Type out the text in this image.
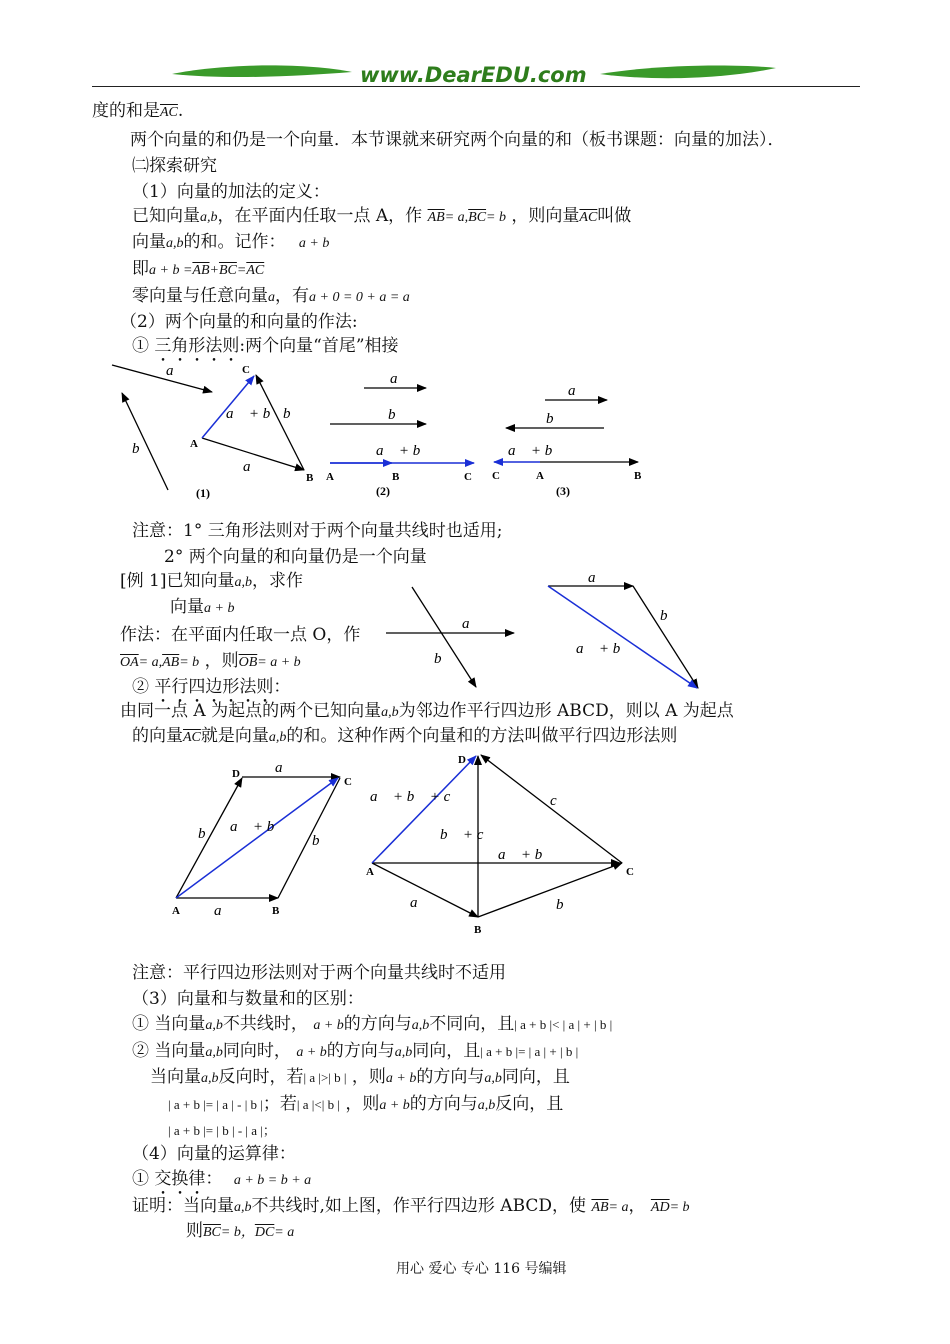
www.DearEDU.com
度的和是$\overline{AC}$.
两个向量的和仍是一个向量．本节课就来研究两个向量的和（板书课题：向量的加法）．
㈡探索研究
（1）向量的加法的定义：
已知向量a,b，在平面内任取一点 A，作 $\overline{AB}= a,\overline{BC}= b$ ，则向量$\overline{AC}$叫做
向量a,b的和。记作： a + b
即$a + b =\overline{AB}+\overline{BC}=\overline{AC}$
零向量与任意向量a，有a + 0 = 0 + a = a
（2）两个向量的和向量的作法:
① 三角形法则:两个向量“首尾”相接
a⃗
b⃗	A
B
C
a⃗ + b⃗ b⃗
a⃗
(1)
a⃗
b⃗
a⃗ + b⃗
A	B	C
(2)
a⃗
b⃗
a⃗ + b⃗
C	A	B
(3)
注意：1° 三角形法则对于两个向量共线时也适用;
2° 两个向量的和向量仍是一个向量
[例 1]已知向量a,b，求作
向量a + b
作法：在平面内任取一点 O，作
$\overline{OA}= a,\overline{AB}= b$ ，则$\overline{OB}= a + b$
a⃗
b⃗
a⃗
b⃗
a⃗ + b⃗
② 平行四边形法则：
由同一点 A 为起点的两个已知向量a,b为邻边作平行四边形 ABCD，则以 A 为起点
的向量$\overline{AC}$就是向量a,b的和。这种作两个向量和的方法叫做平行四边形法则
D
C
A	B
a⃗
a⃗
b⃗	b⃗
a⃗ + b⃗
D
A
B
C
a⃗ + b⃗ + c⃗
b⃗ + c⃗
a⃗ + b⃗
c⃗
a⃗	b⃗
注意：平行四边形法则对于两个向量共线时不适用
（3）向量和与数量和的区别：
① 当向量a,b不共线时， a + b的方向与a,b不同向，且| a + b |< | a | + | b |
② 当向量a,b同向时， a + b的方向与a,b同向，且| a + b |= | a | + | b |
当向量a,b反向时，若| a |>| b | ，则a + b的方向与a,b同向，且
| a + b |= | a | - | b |；若| a |<| b | ，则a + b的方向与a,b反向，且
| a + b |= | b | - | a |；
（4）向量的运算律：
① 交换律： a + b = b + a
证明：当向量a,b不共线时,如上图，作平行四边形 ABCD，使 $\overline{AB}= a$， $\overline{AD}= b$
则$\overline{BC}= b$，$\overline{DC}= a$
用心 爱心 专心 116 号编辑
